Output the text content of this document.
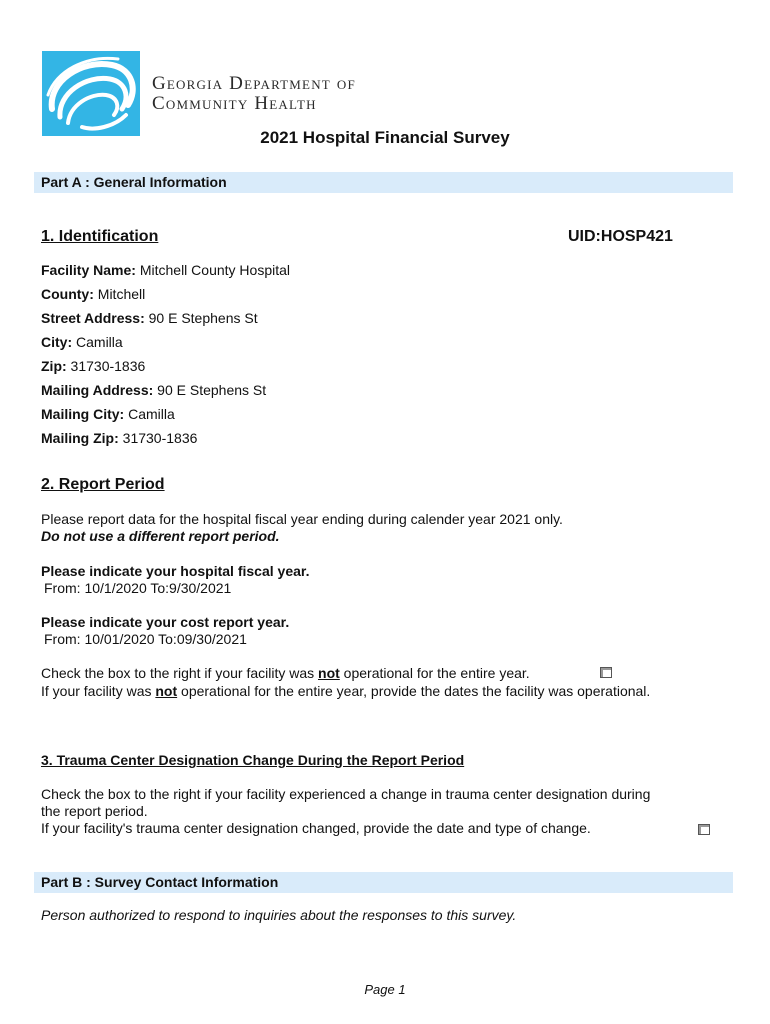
Georgia Department of
Community Health
2021 Hospital Financial Survey
Part A : General Information
1. Identification	UID:HOSP421
Facility Name: Mitchell County Hospital
County: Mitchell
Street Address: 90 E Stephens St
City: Camilla
Zip: 31730-1836
Mailing Address: 90 E Stephens St
Mailing City: Camilla
Mailing Zip: 31730-1836
2. Report Period
Please report data for the hospital fiscal year ending during calender year 2021 only.
Do not use a different report period.
Please indicate your hospital fiscal year.
From: 10/1/2020 To:9/30/2021
Please indicate your cost report year.
From: 10/01/2020 To:09/30/2021
Check the box to the right if your facility was not operational for the entire year.
If your facility was not operational for the entire year, provide the dates the facility was operational.
3. Trauma Center Designation Change During the Report Period
Check the box to the right if your facility experienced a change in trauma center designation during
the report period.
If your facility's trauma center designation changed, provide the date and type of change.
Part B : Survey Contact Information
Person authorized to respond to inquiries about the responses to this survey.
Page 1
